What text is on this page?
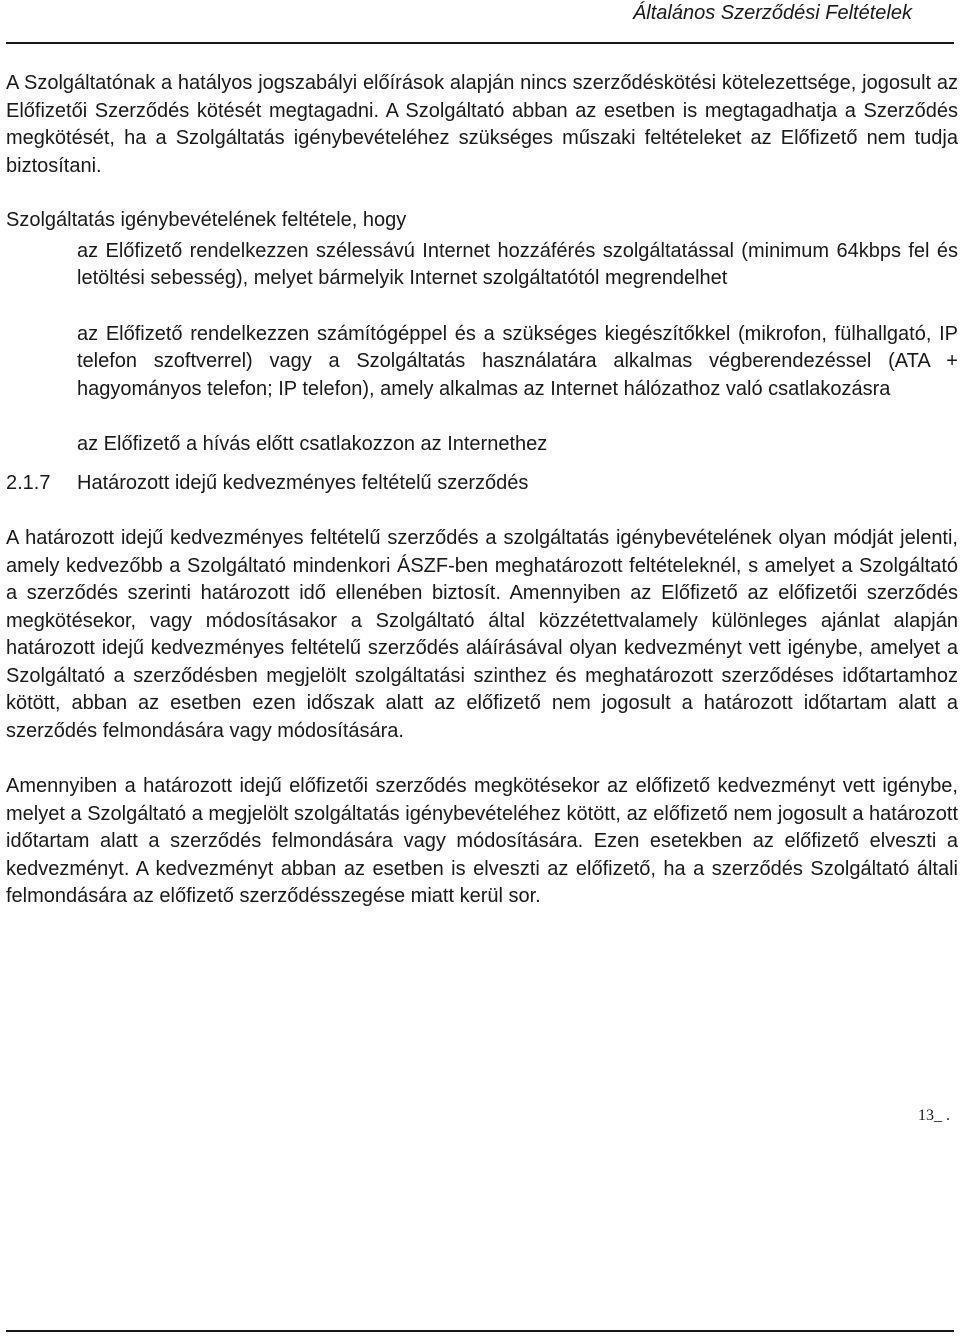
Általános Szerződési Feltételek

A Szolgáltatónak a hatályos jogszabályi előírások alapján nincs szerződéskötési kötelezettsége, jogosult az Előfizetői Szerződés kötését megtagadni. A Szolgáltató abban az esetben is megtagadhatja a Szerződés megkötését, ha a Szolgáltatás igénybevételéhez szükséges műszaki feltételeket az Előfizető nem tudja biztosítani.

Szolgáltatás igénybevételének feltétele, hogy

az Előfizető rendelkezzen szélessávú Internet hozzáférés szolgáltatással (minimum 64kbps fel és letöltési sebesség), melyet bármelyik Internet szolgáltatótól megrendelhet

az Előfizető rendelkezzen számítógéppel és a szükséges kiegészítőkkel (mikrofon, fülhallgató, IP telefon szoftverrel) vagy a Szolgáltatás használatára alkalmas végberendezéssel (ATA + hagyományos telefon; IP telefon), amely alkalmas az Internet hálózathoz való csatlakozásra

az Előfizető a hívás előtt csatlakozzon az Internethez

2.1.7	Határozott idejű kedvezményes feltételű szerződés

A határozott idejű kedvezményes feltételű szerződés a szolgáltatás igénybevételének olyan módját jelenti, amely kedvezőbb a Szolgáltató mindenkori ÁSZF-ben meghatározott feltételeknél, s amelyet a Szolgáltató a szerződés szerinti határozott idő ellenében biztosít. Amennyiben az Előfizető az előfizetői szerződés megkötésekor, vagy módosításakor a Szolgáltató által közzétettvalamely különleges ajánlat alapján határozott idejű kedvezményes feltételű szerződés aláírásával olyan kedvezményt vett igénybe, amelyet a Szolgáltató a szerződésben megjelölt szolgáltatási szinthez és meghatározott szerződéses időtartamhoz kötött, abban az esetben ezen időszak alatt az előfizető nem jogosult a határozott időtartam alatt a szerződés felmondására vagy módosítására.

Amennyiben a határozott idejű előfizetői szerződés megkötésekor az előfizető kedvezményt vett igénybe, melyet a Szolgáltató a megjelölt szolgáltatás igénybevételéhez kötött, az előfizető nem jogosult a határozott időtartam alatt a szerződés felmondására vagy módosítására. Ezen esetekben az előfizető elveszti a kedvezményt. A kedvezményt abban az esetben is elveszti az előfizető, ha a szerződés Szolgáltató általi felmondására az előfizető szerződésszegése miatt kerül sor.

13_ .
